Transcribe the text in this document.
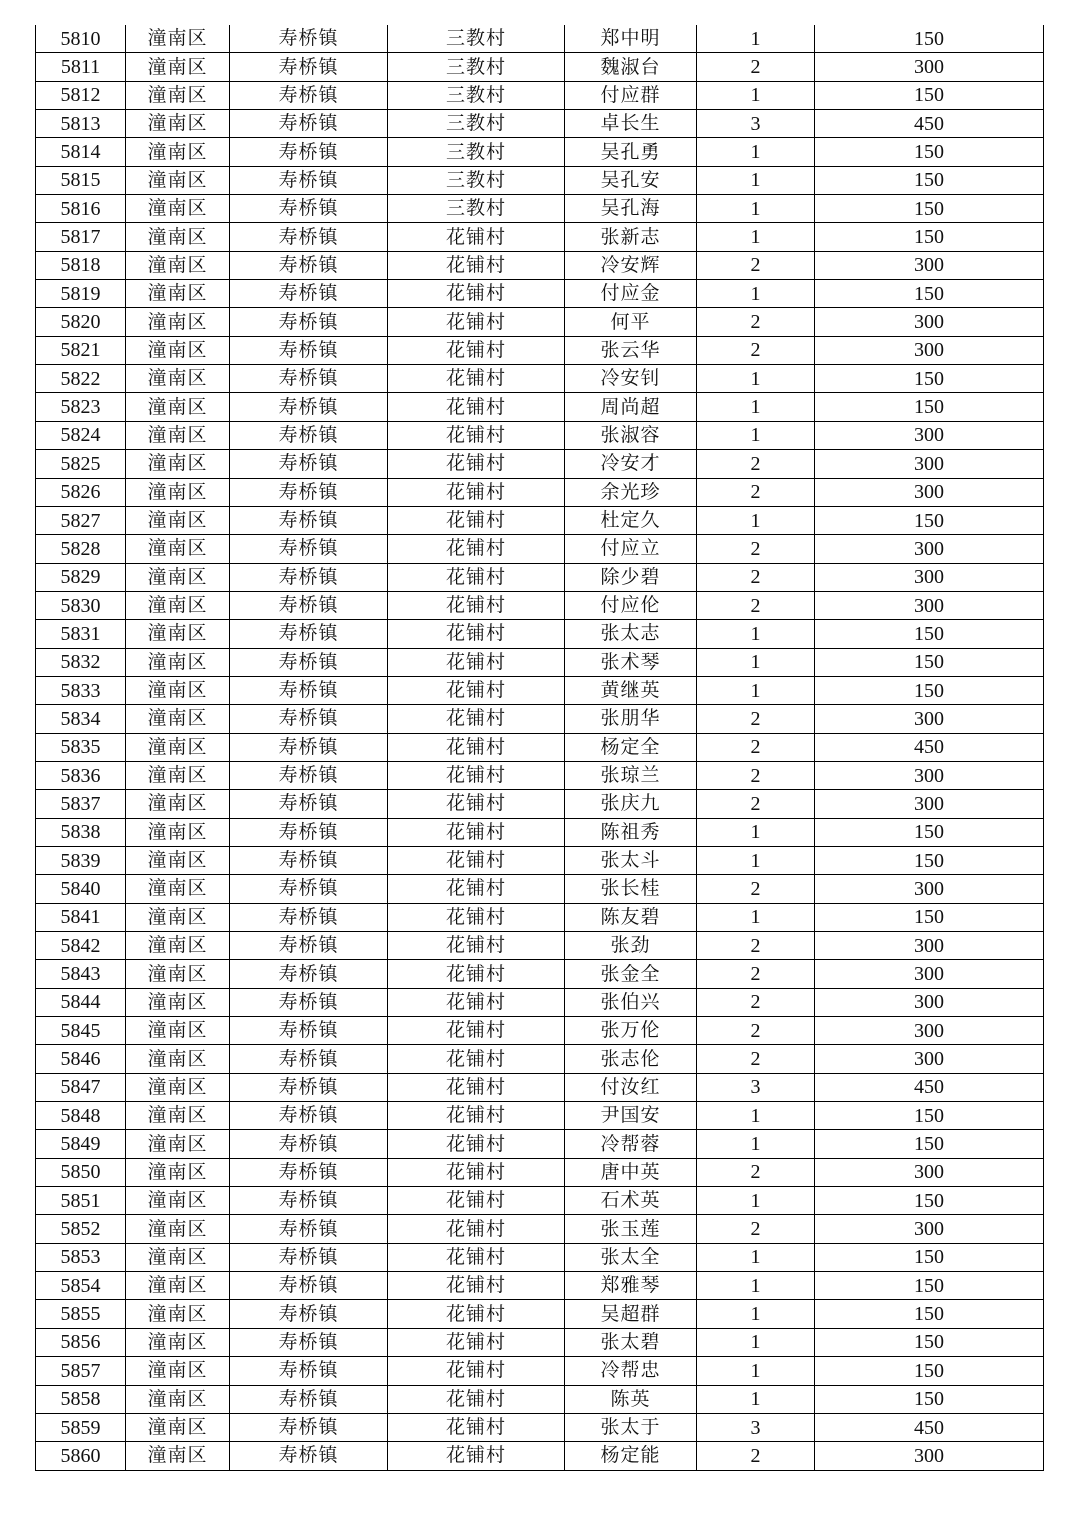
5810	潼南区	寿桥镇	三教村	郑中明	1	150
5811	潼南区	寿桥镇	三教村	魏淑台	2	300
5812	潼南区	寿桥镇	三教村	付应群	1	150
5813	潼南区	寿桥镇	三教村	卓长生	3	450
5814	潼南区	寿桥镇	三教村	吴孔勇	1	150
5815	潼南区	寿桥镇	三教村	吴孔安	1	150
5816	潼南区	寿桥镇	三教村	吴孔海	1	150
5817	潼南区	寿桥镇	花铺村	张新志	1	150
5818	潼南区	寿桥镇	花铺村	冷安辉	2	300
5819	潼南区	寿桥镇	花铺村	付应金	1	150
5820	潼南区	寿桥镇	花铺村	何平	2	300
5821	潼南区	寿桥镇	花铺村	张云华	2	300
5822	潼南区	寿桥镇	花铺村	冷安钊	1	150
5823	潼南区	寿桥镇	花铺村	周尚超	1	150
5824	潼南区	寿桥镇	花铺村	张淑容	1	300
5825	潼南区	寿桥镇	花铺村	冷安才	2	300
5826	潼南区	寿桥镇	花铺村	余光珍	2	300
5827	潼南区	寿桥镇	花铺村	杜定久	1	150
5828	潼南区	寿桥镇	花铺村	付应立	2	300
5829	潼南区	寿桥镇	花铺村	除少碧	2	300
5830	潼南区	寿桥镇	花铺村	付应伦	2	300
5831	潼南区	寿桥镇	花铺村	张太志	1	150
5832	潼南区	寿桥镇	花铺村	张术琴	1	150
5833	潼南区	寿桥镇	花铺村	黄继英	1	150
5834	潼南区	寿桥镇	花铺村	张朋华	2	300
5835	潼南区	寿桥镇	花铺村	杨定全	2	450
5836	潼南区	寿桥镇	花铺村	张琼兰	2	300
5837	潼南区	寿桥镇	花铺村	张庆九	2	300
5838	潼南区	寿桥镇	花铺村	陈祖秀	1	150
5839	潼南区	寿桥镇	花铺村	张太斗	1	150
5840	潼南区	寿桥镇	花铺村	张长桂	2	300
5841	潼南区	寿桥镇	花铺村	陈友碧	1	150
5842	潼南区	寿桥镇	花铺村	张劲	2	300
5843	潼南区	寿桥镇	花铺村	张金全	2	300
5844	潼南区	寿桥镇	花铺村	张伯兴	2	300
5845	潼南区	寿桥镇	花铺村	张万伦	2	300
5846	潼南区	寿桥镇	花铺村	张志伦	2	300
5847	潼南区	寿桥镇	花铺村	付汝红	3	450
5848	潼南区	寿桥镇	花铺村	尹国安	1	150
5849	潼南区	寿桥镇	花铺村	冷帮蓉	1	150
5850	潼南区	寿桥镇	花铺村	唐中英	2	300
5851	潼南区	寿桥镇	花铺村	石术英	1	150
5852	潼南区	寿桥镇	花铺村	张玉莲	2	300
5853	潼南区	寿桥镇	花铺村	张太全	1	150
5854	潼南区	寿桥镇	花铺村	郑雅琴	1	150
5855	潼南区	寿桥镇	花铺村	吴超群	1	150
5856	潼南区	寿桥镇	花铺村	张太碧	1	150
5857	潼南区	寿桥镇	花铺村	冷帮忠	1	150
5858	潼南区	寿桥镇	花铺村	陈英	1	150
5859	潼南区	寿桥镇	花铺村	张太于	3	450
5860	潼南区	寿桥镇	花铺村	杨定能	2	300
